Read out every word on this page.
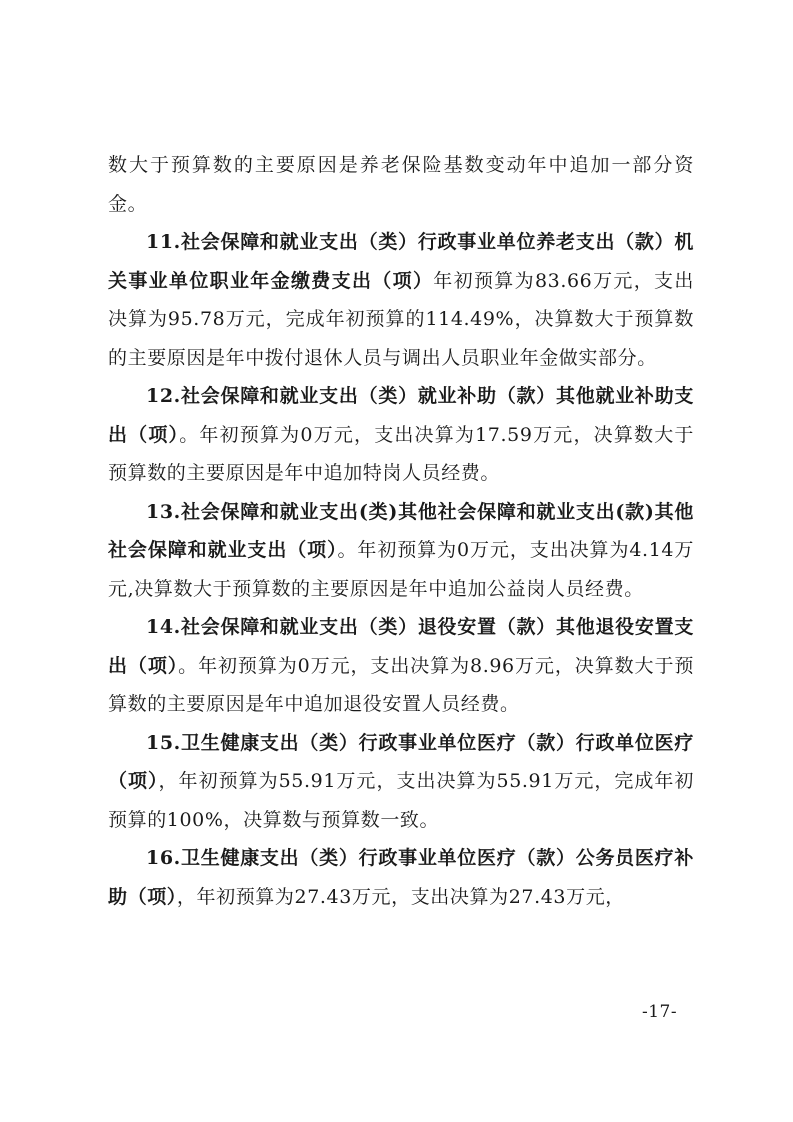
数大于预算数的主要原因是养老保险基数变动年中追加一部分资金。

11.社会保障和就业支出（类）行政事业单位养老支出（款）机关事业单位职业年金缴费支出（项）年初预算为83.66万元，支出决算为95.78万元，完成年初预算的114.49%，决算数大于预算数的主要原因是年中拨付退休人员与调出人员职业年金做实部分。

12.社会保障和就业支出（类）就业补助（款）其他就业补助支出（项）。年初预算为0万元，支出决算为17.59万元，决算数大于预算数的主要原因是年中追加特岗人员经费。

13.社会保障和就业支出(类)其他社会保障和就业支出(款)其他社会保障和就业支出（项）。年初预算为0万元，支出决算为4.14万元,决算数大于预算数的主要原因是年中追加公益岗人员经费。

14.社会保障和就业支出（类）退役安置（款）其他退役安置支出（项）。年初预算为0万元，支出决算为8.96万元，决算数大于预算数的主要原因是年中追加退役安置人员经费。

15.卫生健康支出（类）行政事业单位医疗（款）行政单位医疗（项），年初预算为55.91万元，支出决算为55.91万元，完成年初预算的100%，决算数与预算数一致。

16.卫生健康支出（类）行政事业单位医疗（款）公务员医疗补助（项），年初预算为27.43万元，支出决算为27.43万元，

-17-
